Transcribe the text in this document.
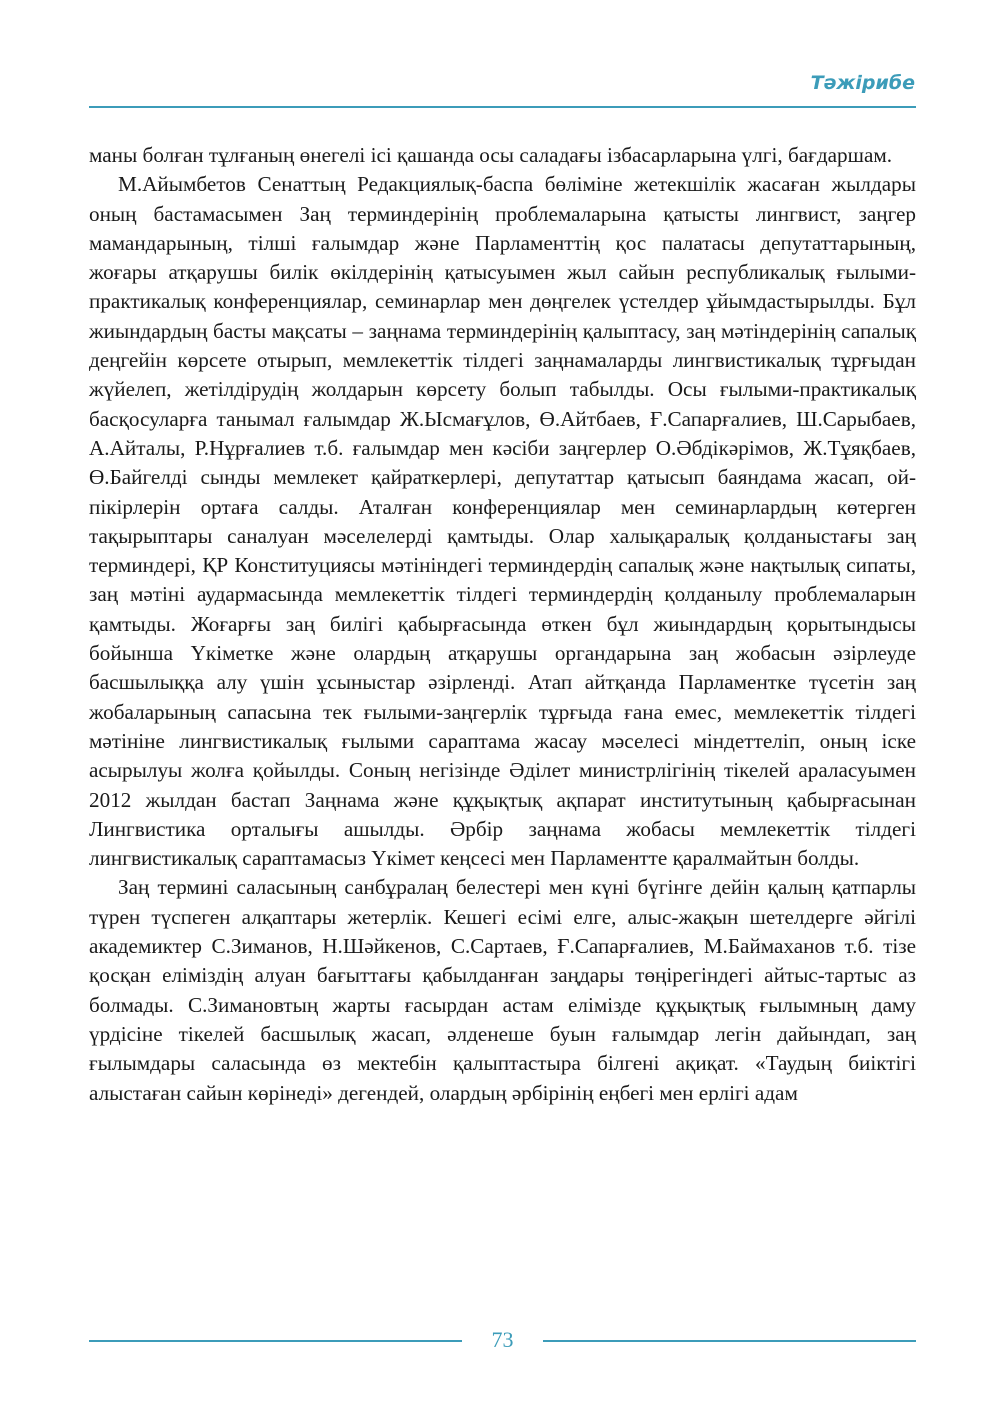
Тәжірибе

маны болған тұлғаның өнегелі ісі қашанда осы саладағы ізбасарларына үлгі, бағдаршам.

М.Айымбетов Сенаттың Редакциялық-баспа бөліміне жетекшілік жасаған жылдары оның бастамасымен Заң терминдерінің проблемаларына қатысты лингвист, заңгер мамандарының, тілші ғалымдар және Парламенттің қос палатасы депутаттарының, жоғары атқарушы билік өкілдерінің қатысуымен жыл сайын республикалық ғылыми-практикалық конференциялар, семинарлар мен дөңгелек үстелдер ұйымдастырылды. Бұл жиындардың басты мақсаты – заңнама терминдерінің қалыптасу, заң мәтіндерінің сапалық деңгейін көрсете отырып, мемлекеттік тілдегі заңнамаларды лингвистикалық тұрғыдан жүйелеп, жетілдірудің жолдарын көрсету болып табылды. Осы ғылыми-практикалық басқосуларға танымал ғалымдар Ж.Ысмағұлов, Ө.Айтбаев, Ғ.Сапарғалиев, Ш.Сарыбаев, А.Айталы, Р.Нұрғалиев т.б. ғалымдар мен кәсіби заңгерлер О.Әбдікәрімов, Ж.Тұяқбаев, Ө.Байгелді сынды мемлекет қайраткерлері, депутаттар қатысып баяндама жасап, ой-пікірлерін ортаға салды. Аталған конференциялар мен семинарлардың көтерген тақырыптары саналуан мәселелерді қамтыды. Олар халықаралық қолданыстағы заң терминдері, ҚР Конституциясы мәтініндегі терминдердің сапалық және нақтылық сипаты, заң мәтіні аудармасында мемлекеттік тілдегі терминдердің қолданылу проблемаларын қамтыды. Жоғарғы заң билігі қабырғасында өткен бұл жиындардың қорытындысы бойынша Үкіметке және олардың атқарушы органдарына заң жобасын әзірлеуде басшылыққа алу үшін ұсыныстар әзірленді. Атап айтқанда Парламентке түсетін заң жобаларының сапасына тек ғылыми-заңгерлік тұрғыда ғана емес, мемлекеттік тілдегі мәтініне лингвистикалық ғылыми сараптама жасау мәселесі міндеттеліп, оның іске асырылуы жолға қойылды. Соның негізінде Әділет министрлігінің тікелей араласуымен 2012 жылдан бастап Заңнама және құқықтық ақпарат институтының қабырғасынан Лингвистика орталығы ашылды. Әрбір заңнама жобасы мемлекеттік тілдегі лингвистикалық сараптамасыз Үкімет кеңсесі мен Парламентте қаралмайтын болды.

Заң термині саласының санбұралаң белестері мен күні бүгінге дейін қалың қатпарлы түрен түспеген алқаптары жетерлік. Кешегі есімі елге, алыс-жақын шетелдерге әйгілі академиктер С.Зиманов, Н.Шәйкенов, С.Сартаев, Ғ.Сапарғалиев, М.Баймаханов т.б. тізе қосқан еліміздің алуан бағыттағы қабылданған заңдары төңірегіндегі айтыс-тартыс аз болмады. С.Зимановтың жарты ғасырдан астам елімізде құқықтық ғылымның даму үрдісіне тікелей басшылық жасап, әлденеше буын ғалымдар легін дайындап, заң ғылымдары саласында өз мектебін қалыптастыра білгені ақиқат. «Таудың биіктігі алыстаған сайын көрінеді» дегендей, олардың әрбірінің еңбегі мен ерлігі адам

73
